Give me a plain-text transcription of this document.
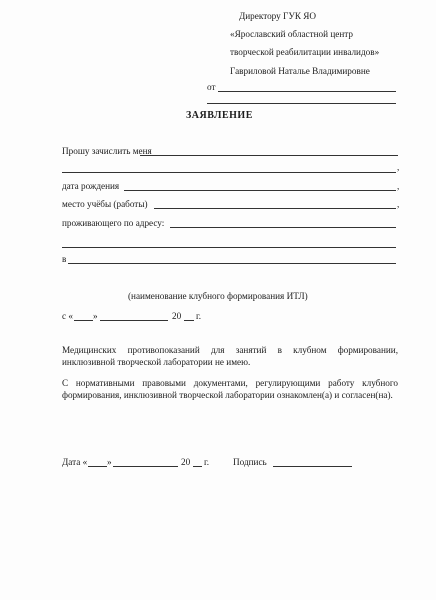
Директору ГУК ЯО
«Ярославский областной центр
творческой реабилитации инвалидов»
Гавриловой Наталье Владимировне
от
ЗАЯВЛЕНИЕ
Прошу зачислить меня
,
дата рождения	,
место учёбы (работы)	,
проживающего по адресу:
в
(наименование клубного формирования ИТЛ)
с « »	20 г.
Медицинских противопоказаний для занятий в клубном формировании, инклюзивной творческой лаборатории не имею.
С нормативными правовыми документами, регулирующими работу клубного формирования, инклюзивной творческой лаборатории ознакомлен(а) и согласен(на).
Дата « »	20 г.	Подпись
